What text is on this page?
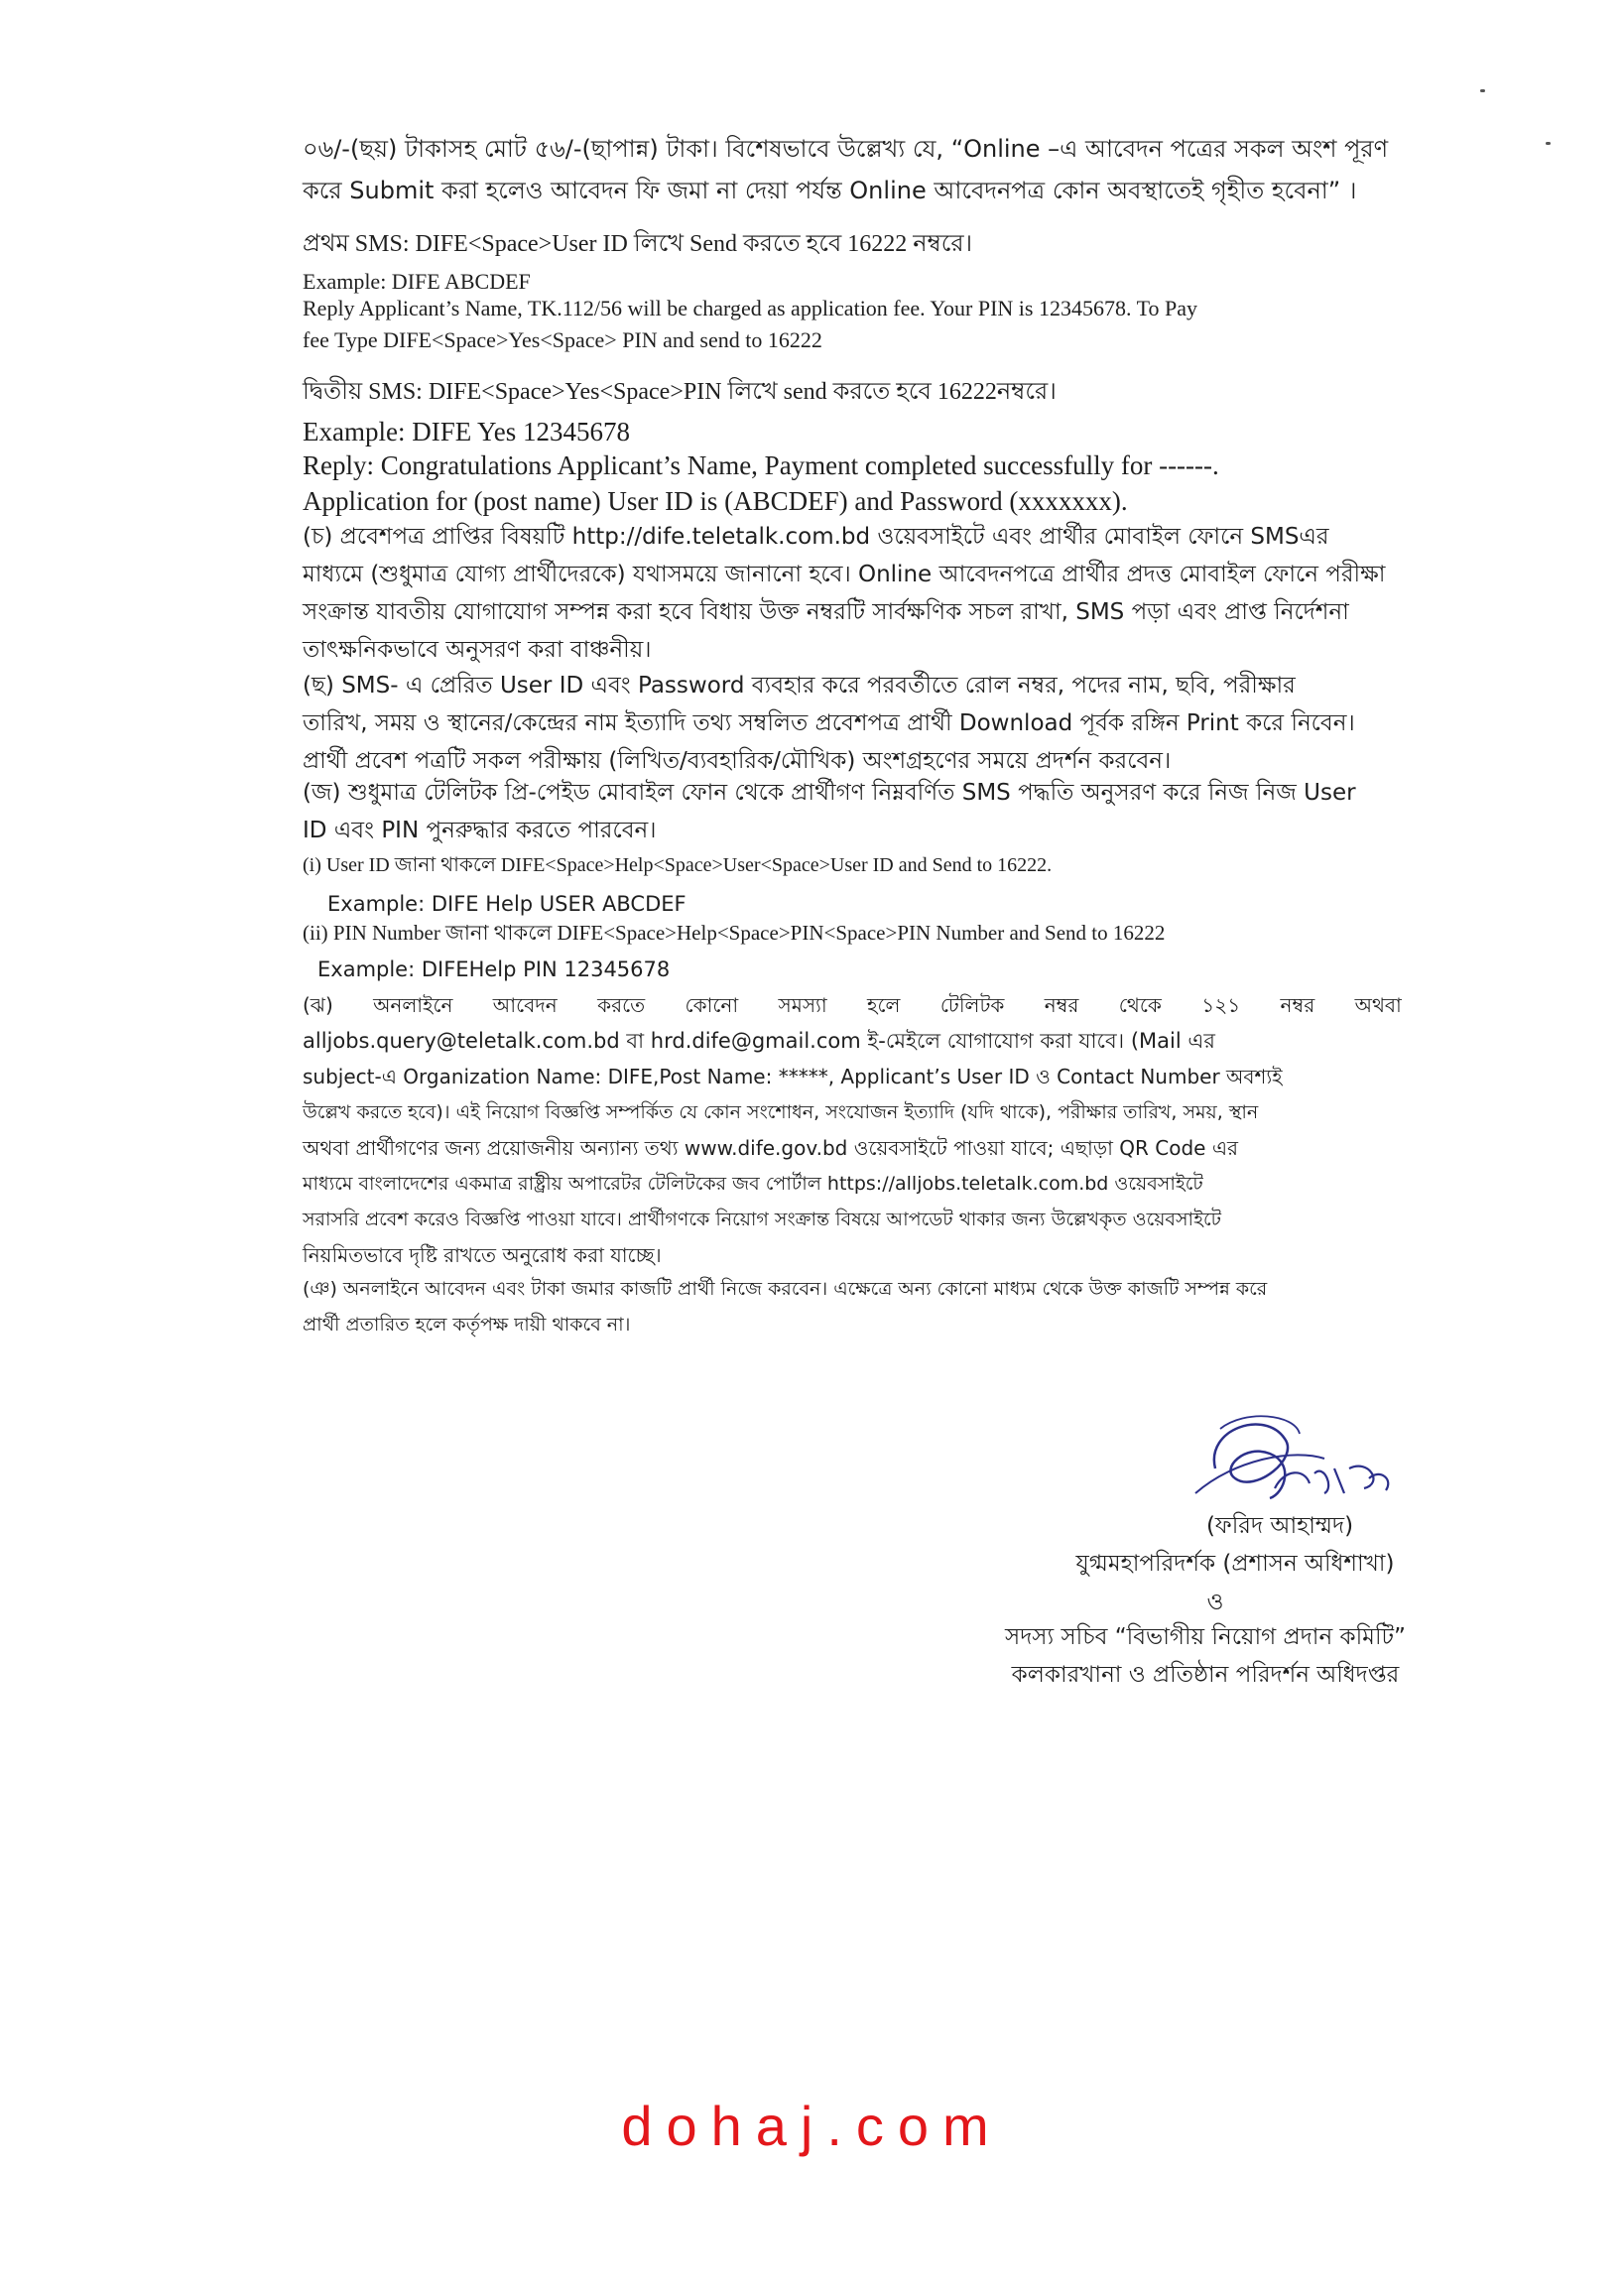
০৬/-(ছয়) টাকাসহ মোট ৫৬/-(ছাপান্ন) টাকা। বিশেষভাবে উল্লেখ্য যে, “Online –এ আবেদন পত্রের সকল অংশ পূরণ
করে Submit করা হলেও আবেদন ফি জমা না দেয়া পর্যন্ত Online আবেদনপত্র কোন অবস্থাতেই গৃহীত হবেনা” ।
প্রথম SMS: DIFE<Space>User ID লিখে Send করতে হবে 16222 নম্বরে।
Example: DIFE ABCDEF
Reply Applicant’s Name, TK.112/56 will be charged as application fee. Your PIN is 12345678. To Pay
fee Type DIFE<Space>Yes<Space> PIN and send to 16222
দ্বিতীয় SMS: DIFE<Space>Yes<Space>PIN লিখে send করতে হবে 16222নম্বরে।
Example: DIFE Yes 12345678
Reply: Congratulations Applicant’s Name, Payment completed successfully for ------.
Application for (post name) User ID is (ABCDEF) and Password (xxxxxxx).
(চ) প্রবেশপত্র প্রাপ্তির বিষয়টি http://dife.teletalk.com.bd ওয়েবসাইটে এবং প্রার্থীর মোবাইল ফোনে SMSএর
মাধ্যমে (শুধুমাত্র যোগ্য প্রার্থীদেরকে) যথাসময়ে জানানো হবে। Online আবেদনপত্রে প্রার্থীর প্রদত্ত মোবাইল ফোনে পরীক্ষা
সংক্রান্ত যাবতীয় যোগাযোগ সম্পন্ন করা হবে বিধায় উক্ত নম্বরটি সার্বক্ষণিক সচল রাখা, SMS পড়া এবং প্রাপ্ত নির্দেশনা
তাৎক্ষনিকভাবে অনুসরণ করা বাঞ্চনীয়।
(ছ) SMS- এ প্রেরিত User ID এবং Password ব্যবহার করে পরবর্তীতে রোল নম্বর, পদের নাম, ছবি, পরীক্ষার
তারিখ, সময় ও স্থানের/কেন্দ্রের নাম ইত্যাদি তথ্য সম্বলিত প্রবেশপত্র প্রার্থী Download পূর্বক রঙ্গিন Print করে নিবেন।
প্রার্থী প্রবেশ পত্রটি সকল পরীক্ষায় (লিখিত/ব্যবহারিক/মৌখিক) অংশগ্রহণের সময়ে প্রদর্শন করবেন।
(জ) শুধুমাত্র টেলিটক প্রি-পেইড মোবাইল ফোন থেকে প্রার্থীগণ নিম্নবর্ণিত SMS পদ্ধতি অনুসরণ করে নিজ নিজ User
ID এবং PIN পুনরুদ্ধার করতে পারবেন।
(i) User ID জানা থাকলে DIFE<Space>Help<Space>User<Space>User ID and Send to 16222.
Example: DIFE Help USER ABCDEF
(ii) PIN Number জানা থাকলে DIFE<Space>Help<Space>PIN<Space>PIN Number and Send to 16222
Example: DIFEHelp PIN 12345678
(ঝ) অনলাইনে আবেদন করতে কোনো সমস্যা হলে টেলিটক নম্বর থেকে ১২১ নম্বর অথবা
alljobs.query@teletalk.com.bd বা hrd.dife@gmail.com ই-মেইলে যোগাযোগ করা যাবে। (Mail এর
subject-এ Organization Name: DIFE,Post Name: *****, Applicant’s User ID ও Contact Number অবশ্যই
উল্লেখ করতে হবে)। এই নিয়োগ বিজ্ঞপ্তি সম্পর্কিত যে কোন সংশোধন, সংযোজন ইত্যাদি (যদি থাকে), পরীক্ষার তারিখ, সময়, স্থান
অথবা প্রার্থীগণের জন্য প্রয়োজনীয় অন্যান্য তথ্য www.dife.gov.bd ওয়েবসাইটে পাওয়া যাবে; এছাড়া QR Code এর
মাধ্যমে বাংলাদেশের একমাত্র রাষ্ট্রীয় অপারেটর টেলিটকের জব পোর্টাল https://alljobs.teletalk.com.bd ওয়েবসাইটে
সরাসরি প্রবেশ করেও বিজ্ঞপ্তি পাওয়া যাবে। প্রার্থীগণকে নিয়োগ সংক্রান্ত বিষয়ে আপডেট থাকার জন্য উল্লেখকৃত ওয়েবসাইটে
নিয়মিতভাবে দৃষ্টি রাখতে অনুরোধ করা যাচ্ছে।
(ঞ) অনলাইনে আবেদন এবং টাকা জমার কাজটি প্রার্থী নিজে করবেন। এক্ষেত্রে অন্য কোনো মাধ্যম থেকে উক্ত কাজটি সম্পন্ন করে
প্রার্থী প্রতারিত হলে কর্তৃপক্ষ দায়ী থাকবে না।
(ফরিদ আহাম্মদ)
যুগ্মমহাপরিদর্শক (প্রশাসন অধিশাখা)
ও
সদস্য সচিব “বিভাগীয় নিয়োগ প্রদান কমিটি”
কলকারখানা ও প্রতিষ্ঠান পরিদর্শন অধিদপ্তর
dohaj.com
